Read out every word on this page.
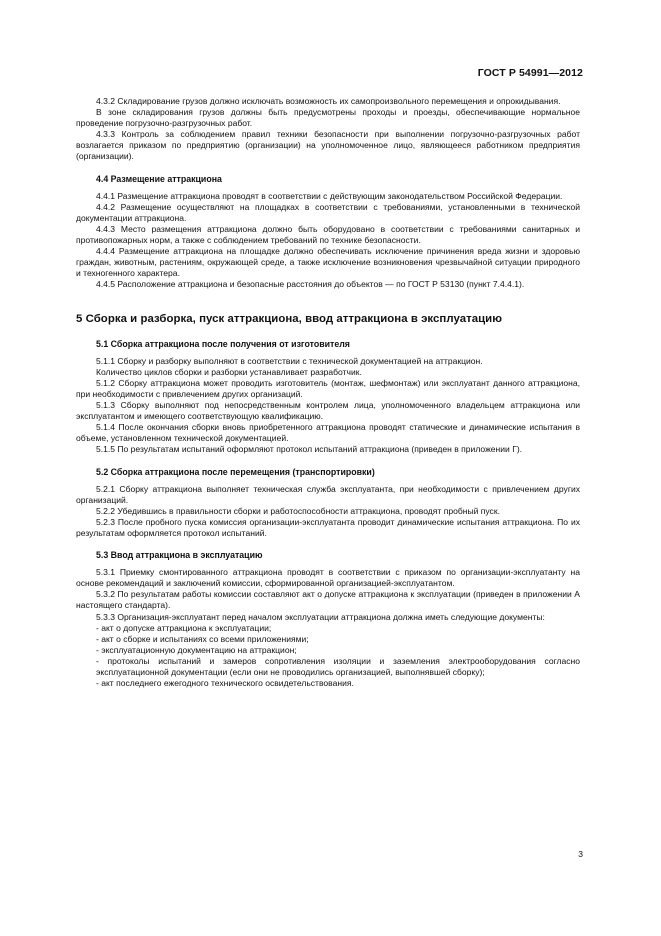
ГОСТ Р 54991—2012
4.3.2 Складирование грузов должно исключать возможность их самопроизвольного перемещения и опрокидывания.
В зоне складирования грузов должны быть предусмотрены проходы и проезды, обеспечивающие нормальное проведение погрузочно-разгрузочных работ.
4.3.3 Контроль за соблюдением правил техники безопасности при выполнении погрузочно-разгрузочных работ возлагается приказом по предприятию (организации) на уполномоченное лицо, являющееся работником предприятия (организации).
4.4 Размещение аттракциона
4.4.1 Размещение аттракциона проводят в соответствии с действующим законодательством Российской Федерации.
4.4.2 Размещение осуществляют на площадках в соответствии с требованиями, установленными в технической документации аттракциона.
4.4.3 Место размещения аттракциона должно быть оборудовано в соответствии с требованиями санитарных и противопожарных норм, а также с соблюдением требований по технике безопасности.
4.4.4 Размещение аттракциона на площадке должно обеспечивать исключение причинения вреда жизни и здоровью граждан, животным, растениям, окружающей среде, а также исключение возникновения чрезвычайной ситуации природного и техногенного характера.
4.4.5 Расположение аттракциона и безопасные расстояния до объектов — по ГОСТ Р 53130 (пункт 7.4.4.1).
5 Сборка и разборка, пуск аттракциона, ввод аттракциона в эксплуатацию
5.1 Сборка аттракциона после получения от изготовителя
5.1.1 Сборку и разборку выполняют в соответствии с технической документацией на аттракцион.
Количество циклов сборки и разборки устанавливает разработчик.
5.1.2 Сборку аттракциона может проводить изготовитель (монтаж, шефмонтаж) или эксплуатант данного аттракциона, при необходимости с привлечением других организаций.
5.1.3 Сборку выполняют под непосредственным контролем лица, уполномоченного владельцем аттракциона или эксплуатантом и имеющего соответствующую квалификацию.
5.1.4 После окончания сборки вновь приобретенного аттракциона проводят статические и динамические испытания в объеме, установленном технической документацией.
5.1.5 По результатам испытаний оформляют протокол испытаний аттракциона (приведен в приложении Г).
5.2 Сборка аттракциона после перемещения (транспортировки)
5.2.1 Сборку аттракциона выполняет техническая служба эксплуатанта, при необходимости с привлечением других организаций.
5.2.2 Убедившись в правильности сборки и работоспособности аттракциона, проводят пробный пуск.
5.2.3 После пробного пуска комиссия организации-эксплуатанта проводит динамические испытания аттракциона. По их результатам оформляется протокол испытаний.
5.3 Ввод аттракциона в эксплуатацию
5.3.1 Приемку смонтированного аттракциона проводят в соответствии с приказом по организации-эксплуатанту на основе рекомендаций и заключений комиссии, сформированной организацией-эксплуатантом.
5.3.2 По результатам работы комиссии составляют акт о допуске аттракциона к эксплуатации (приведен в приложении А настоящего стандарта).
5.3.3 Организация-эксплуатант перед началом эксплуатации аттракциона должна иметь следующие документы:
- акт о допуске аттракциона к эксплуатации;
- акт о сборке и испытаниях со всеми приложениями;
- эксплуатационную документацию на аттракцион;
- протоколы испытаний и замеров сопротивления изоляции и заземления электрооборудования согласно эксплуатационной документации (если они не проводились организацией, выполнявшей сборку);
- акт последнего ежегодного технического освидетельствования.
3
